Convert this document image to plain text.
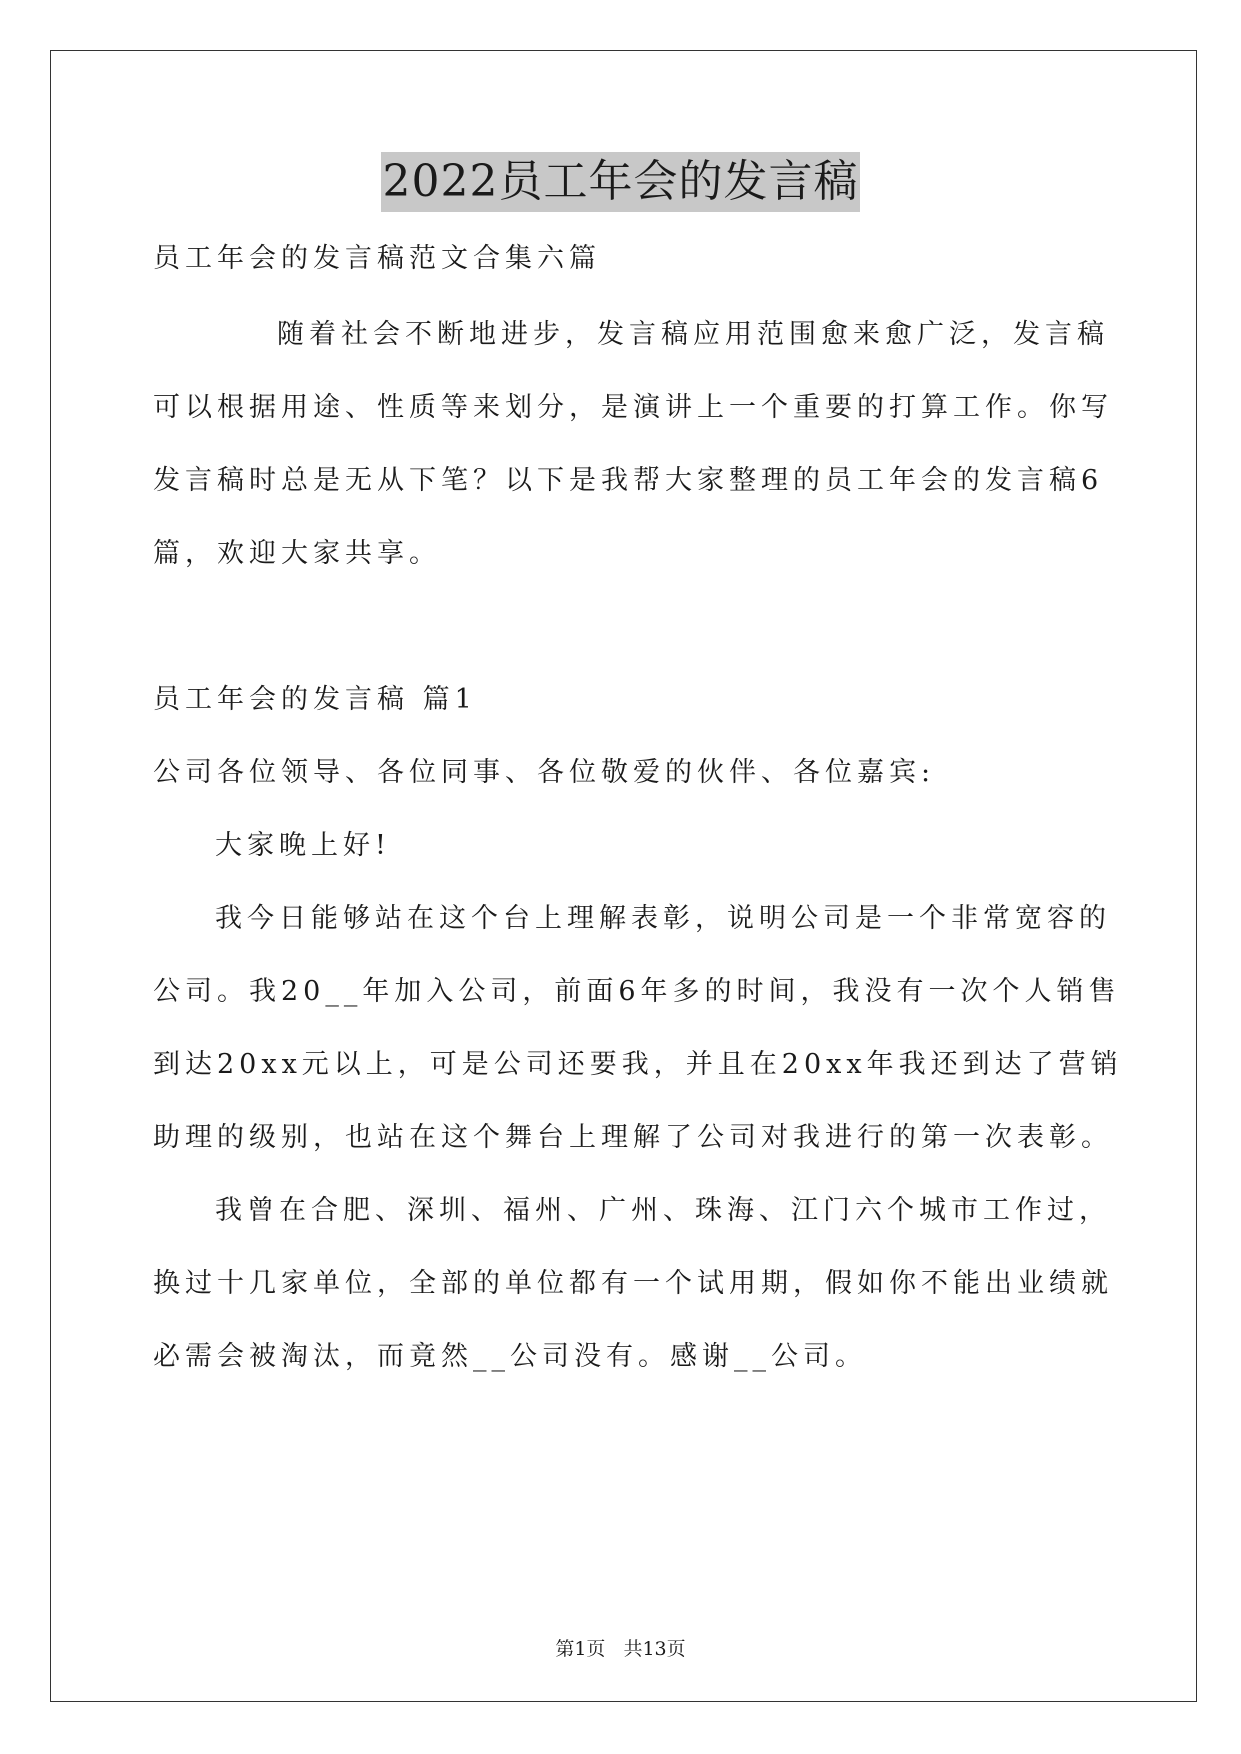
2022员工年会的发言稿
员工年会的发言稿范文合集六篇
随着社会不断地进步，发言稿应用范围愈来愈广泛，发言稿
可以根据用途、性质等来划分，是演讲上一个重要的打算工作。你写
发言稿时总是无从下笔？以下是我帮大家整理的员工年会的发言稿6
篇，欢迎大家共享。
员工年会的发言稿 篇1
公司各位领导、各位同事、各位敬爱的伙伴、各位嘉宾:
大家晚上好!
我今日能够站在这个台上理解表彰，说明公司是一个非常宽容的
公司。我20__年加入公司，前面6年多的时间，我没有一次个人销售
到达20xx元以上，可是公司还要我，并且在20xx年我还到达了营销
助理的级别，也站在这个舞台上理解了公司对我进行的第一次表彰。
我曾在合肥、深圳、福州、广州、珠海、江门六个城市工作过，
换过十几家单位，全部的单位都有一个试用期，假如你不能出业绩就
必需会被淘汰，而竟然__公司没有。感谢__公司。
第1页 共13页
